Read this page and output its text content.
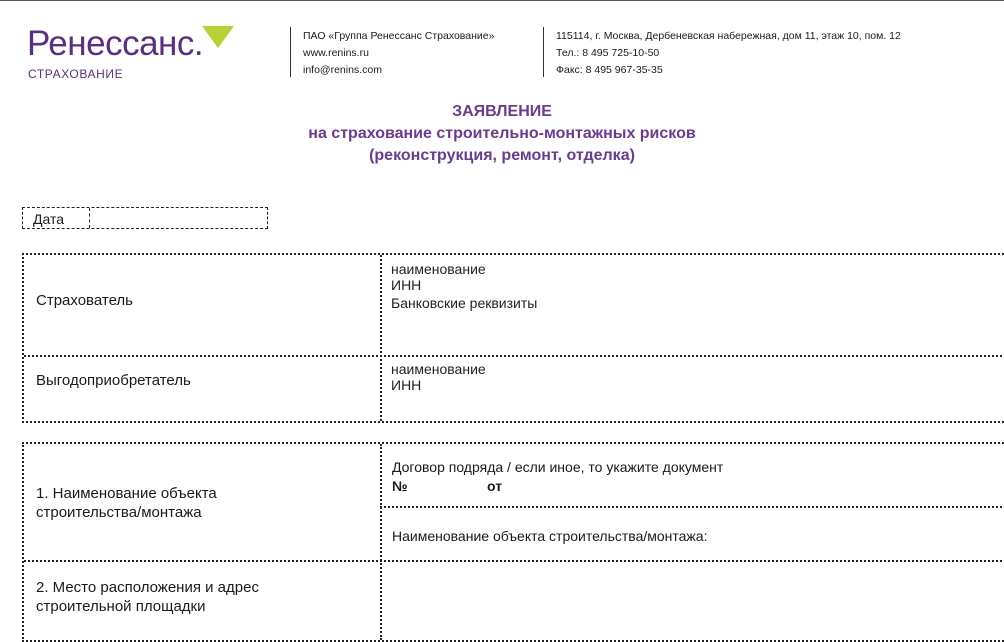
Ренессанс.
СТРАХОВАНИЕ
ПАО «Группа Ренессанс Страхование»
www.renins.ru
info@renins.com
115114, г. Москва, Дербеневская набережная, дом 11, этаж 10, пом. 12
Тел.: 8 495 725-10-50
Факс: 8 495 967-35-35
ЗАЯВЛЕНИЕ
на страхование строительно-монтажных рисков
(реконструкция, ремонт, отделка)
Дата
Страхователь
наименование
ИНН
Банковские реквизиты
Выгодоприобретатель
наименование
ИНН
1. Наименование объекта
строительства/монтажа
Договор подряда / если иное, то укажите документ
№	от
Наименование объекта строительства/монтажа:
2. Место расположения и адрес
строительной площадки
